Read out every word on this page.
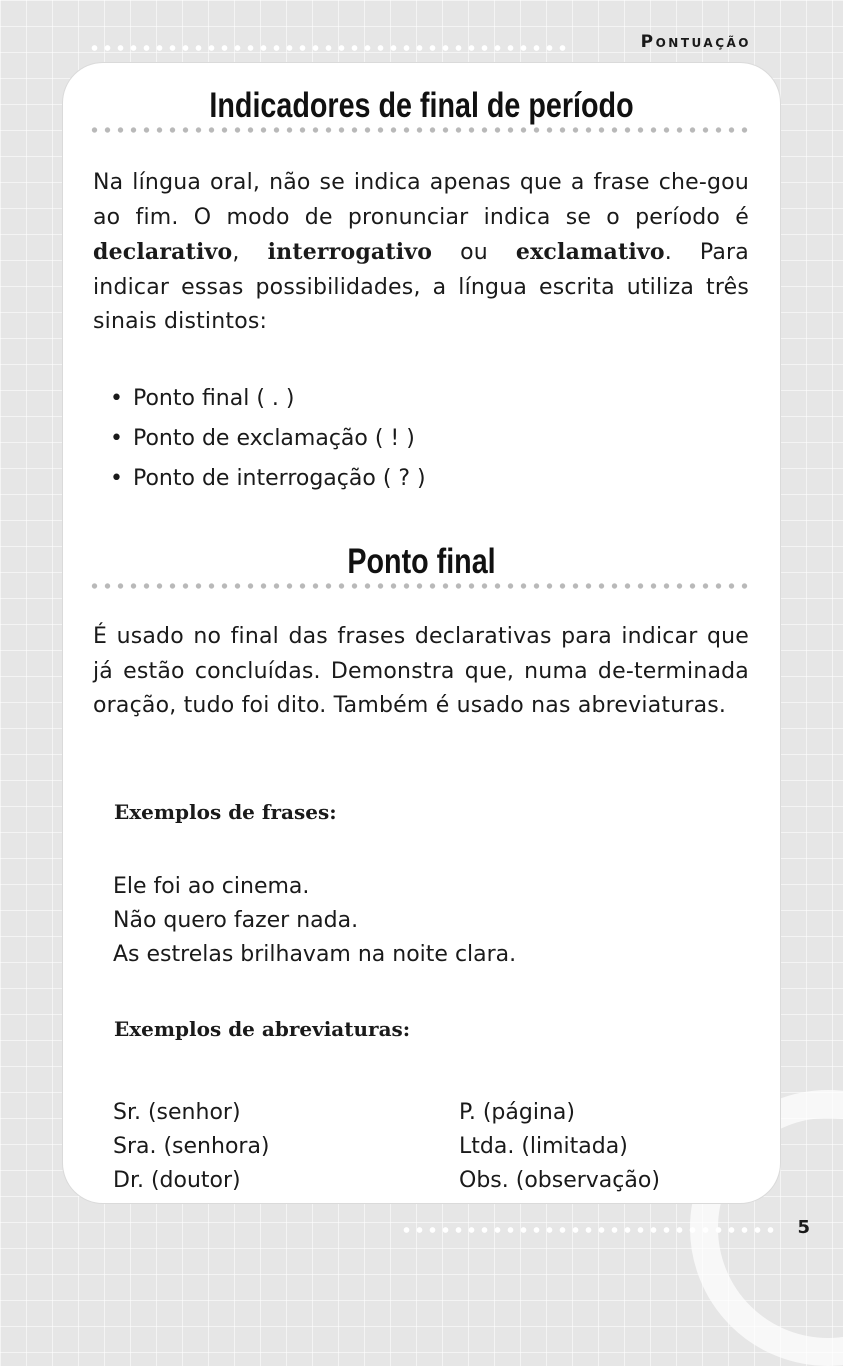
Pontuação
Indicadores de final de período

Na língua oral, não se indica apenas que a frase che-gou ao fim. O modo de pronunciar indica se o período é declarativo, interrogativo ou exclamativo. Para indicar essas possibilidades, a língua escrita utiliza três sinais distintos:

• Ponto final ( . )
• Ponto de exclamação ( ! )
• Ponto de interrogação ( ? )
Ponto final

É usado no final das frases declarativas para indicar que já estão concluídas. Demonstra que, numa de-terminada oração, tudo foi dito. Também é usado nas abreviaturas.

Exemplos de frases:
Ele foi ao cinema.
Não quero fazer nada.
As estrelas brilhavam na noite clara.
Exemplos de abreviaturas:
Sr. (senhor)
Sra. (senhora)
Dr. (doutor)
P. (página)
Ltda. (limitada)
Obs. (observação)
5
